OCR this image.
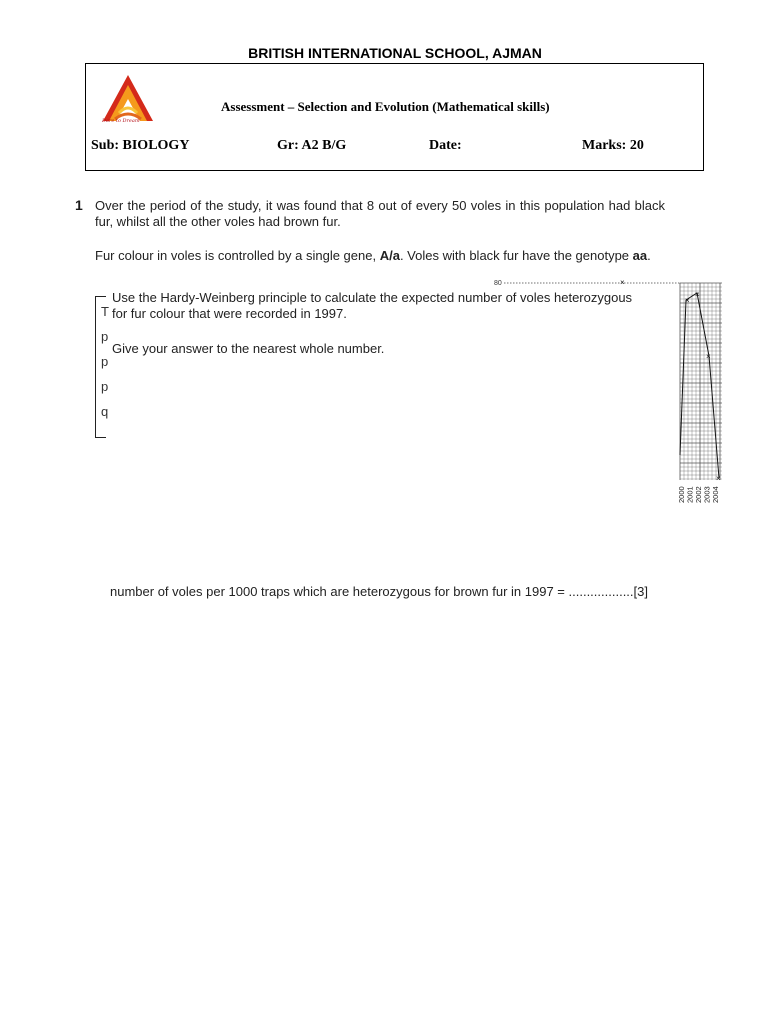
BRITISH INTERNATIONAL SCHOOL, AJMAN
Dare to Dream
Assessment – Selection and Evolution (Mathematical skills)
Sub: BIOLOGY	Gr: A2 B/G	Date:	Marks: 20
1 Over the period of the study, it was found that 8 out of every 50 voles in this population had black fur, whilst all the other voles had brown fur.
Fur colour in voles is controlled by a single gene, A/a. Voles with black fur have the genotype aa.
T
p
p
p
q
Use the Hardy-Weinberg principle to calculate the expected number of voles heterozygous
for fur colour that were recorded in 1997.
Give your answer to the nearest whole number.
80	×
×
×
×
×
2000 2001 2002 2003 2004
number of voles per 1000 traps which are heterozygous for brown fur in 1997 = ..................[3]
